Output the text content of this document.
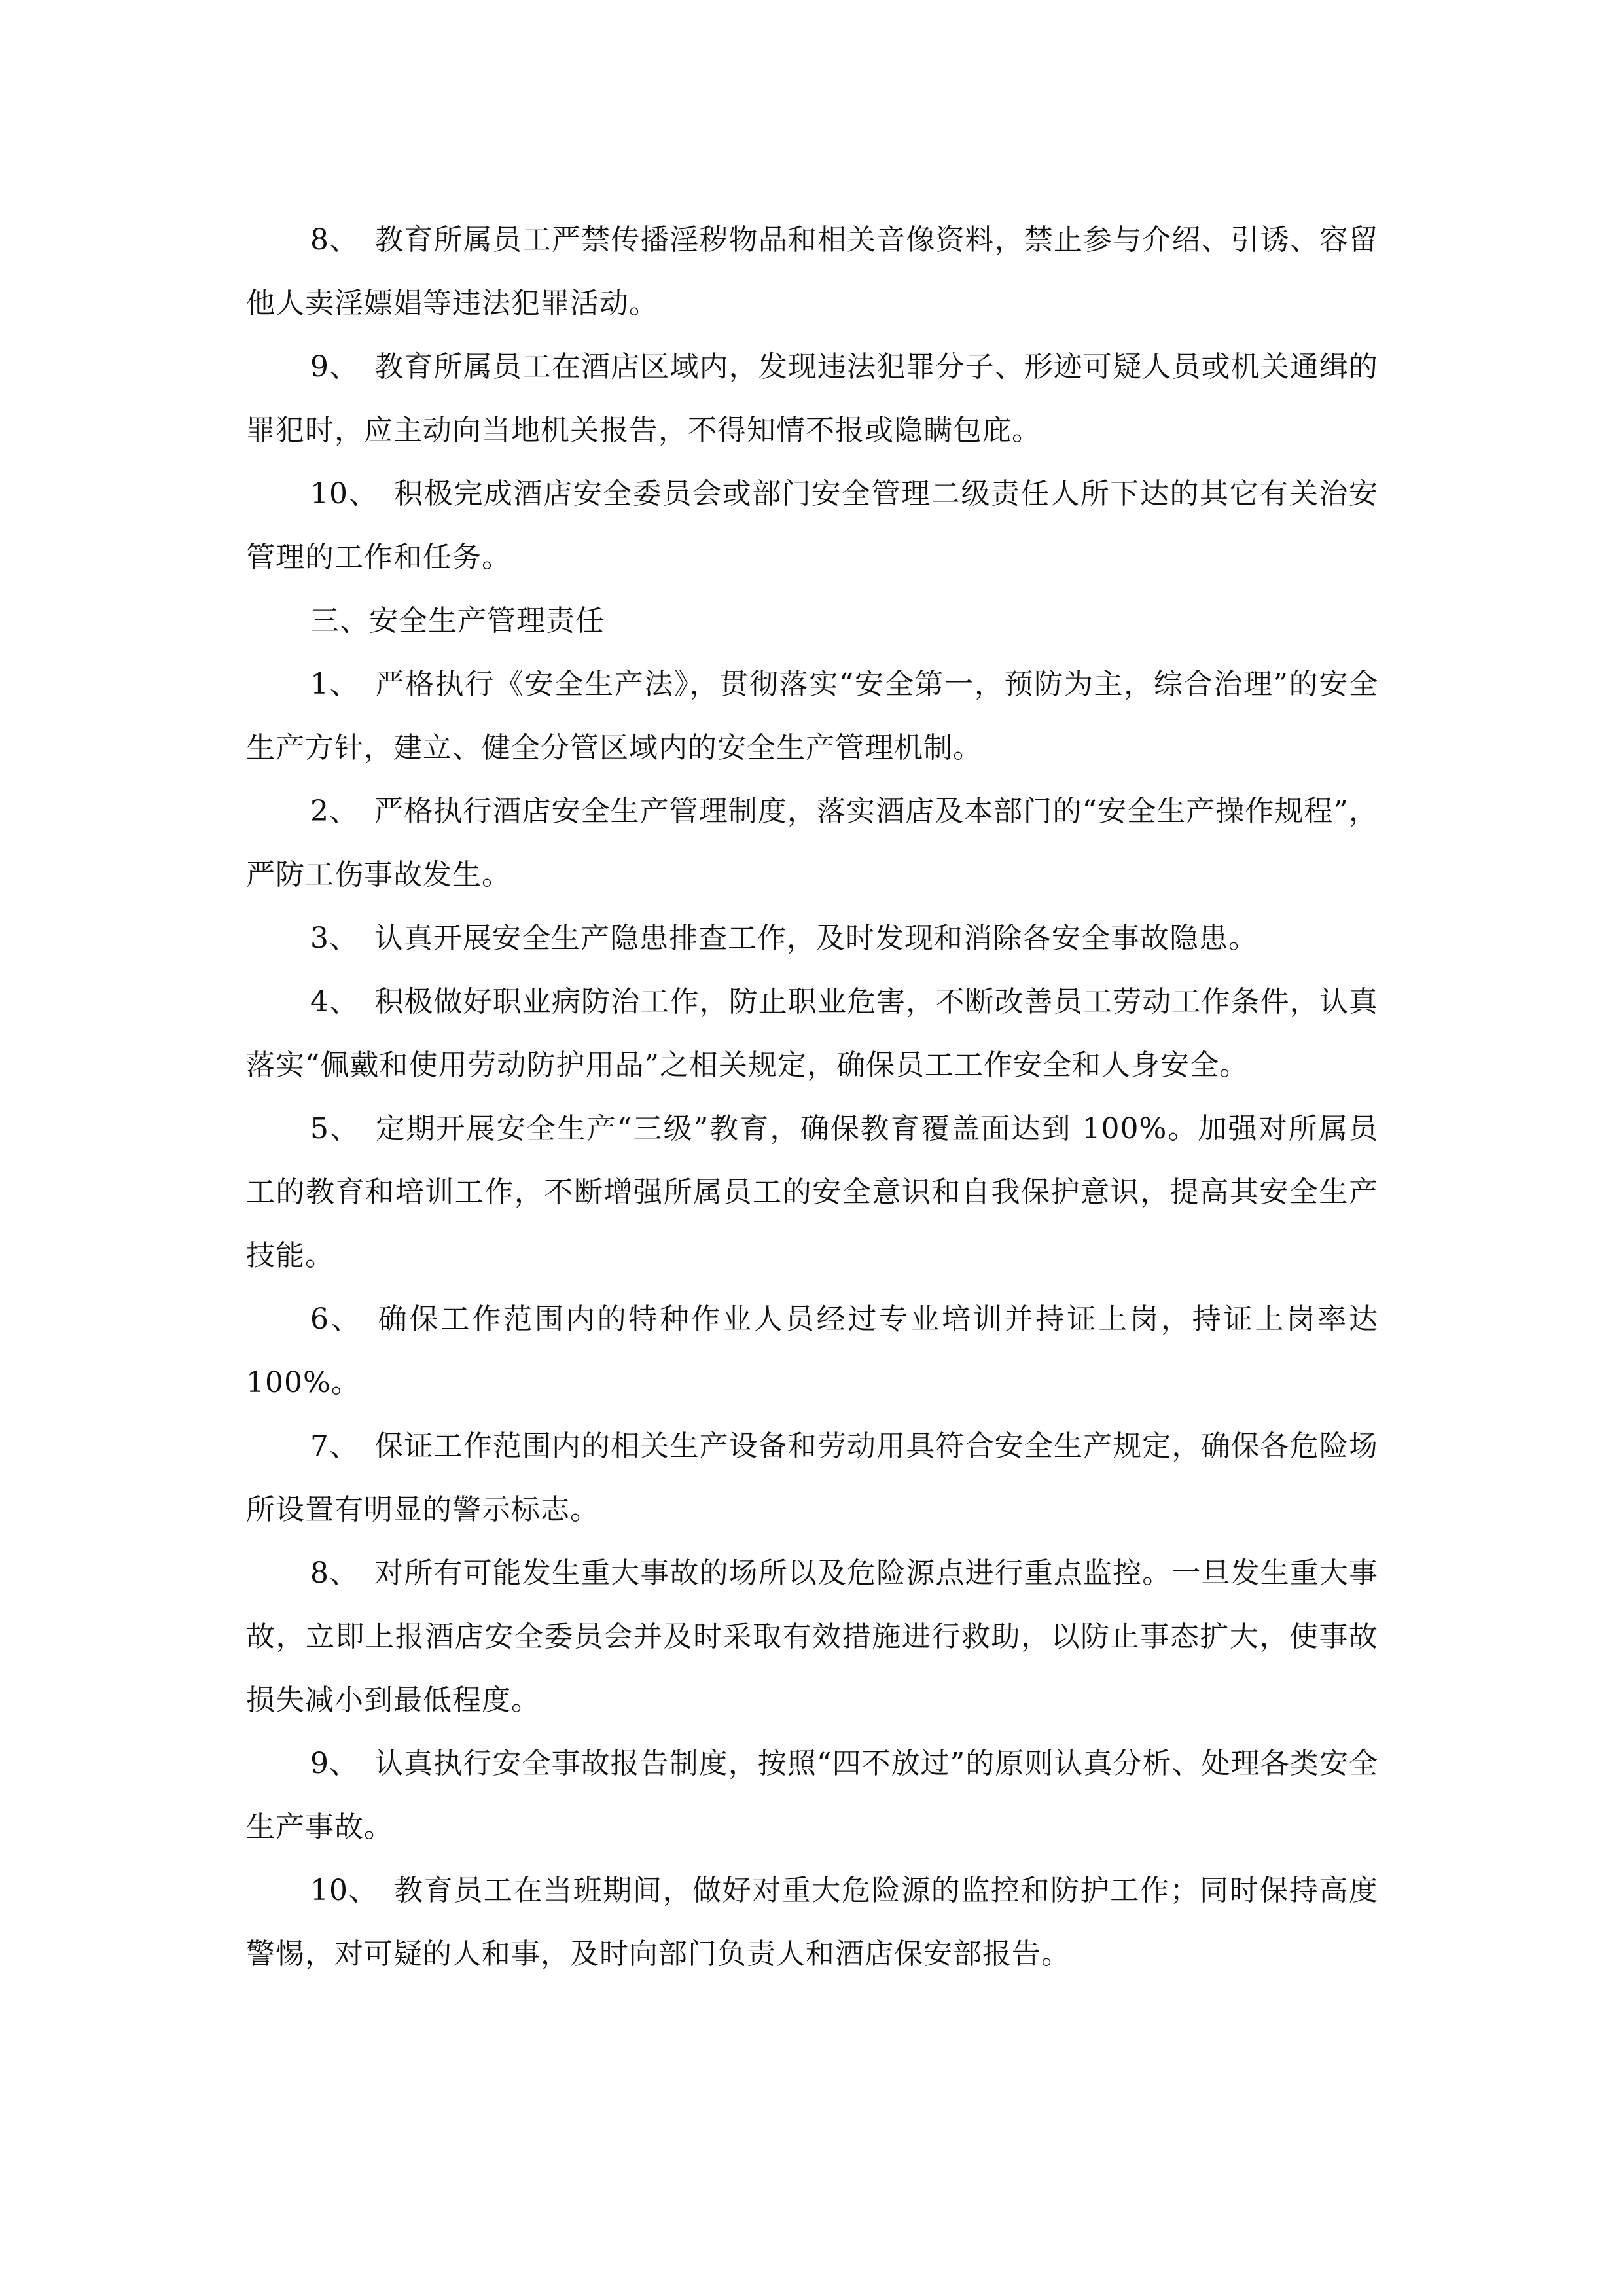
8、 教育所属员工严禁传播淫秽物品和相关音像资料，禁止参与介绍、引诱、容留他人卖淫嫖娼等违法犯罪活动。

9、 教育所属员工在酒店区域内，发现违法犯罪分子、形迹可疑人员或机关通缉的罪犯时，应主动向当地机关报告，不得知情不报或隐瞒包庇。

10、 积极完成酒店安全委员会或部门安全管理二级责任人所下达的其它有关治安管理的工作和任务。

三、安全生产管理责任

1、 严格执行《安全生产法》，贯彻落实“安全第一，预防为主，综合治理”的安全生产方针，建立、健全分管区域内的安全生产管理机制。

2、 严格执行酒店安全生产管理制度，落实酒店及本部门的“安全生产操作规程”，严防工伤事故发生。

3、 认真开展安全生产隐患排查工作，及时发现和消除各安全事故隐患。

4、 积极做好职业病防治工作，防止职业危害，不断改善员工劳动工作条件，认真落实“佩戴和使用劳动防护用品”之相关规定，确保员工工作安全和人身安全。

5、 定期开展安全生产“三级”教育，确保教育覆盖面达到 100%。加强对所属员工的教育和培训工作，不断增强所属员工的安全意识和自我保护意识，提高其安全生产技能。

6、 确保工作范围内的特种作业人员经过专业培训并持证上岗，持证上岗率达 100%。

7、 保证工作范围内的相关生产设备和劳动用具符合安全生产规定，确保各危险场所设置有明显的警示标志。

8、 对所有可能发生重大事故的场所以及危险源点进行重点监控。一旦发生重大事故，立即上报酒店安全委员会并及时采取有效措施进行救助，以防止事态扩大，使事故损失减小到最低程度。

9、 认真执行安全事故报告制度，按照“四不放过”的原则认真分析、处理各类安全生产事故。

10、 教育员工在当班期间，做好对重大危险源的监控和防护工作；同时保持高度警惕，对可疑的人和事，及时向部门负责人和酒店保安部报告。
